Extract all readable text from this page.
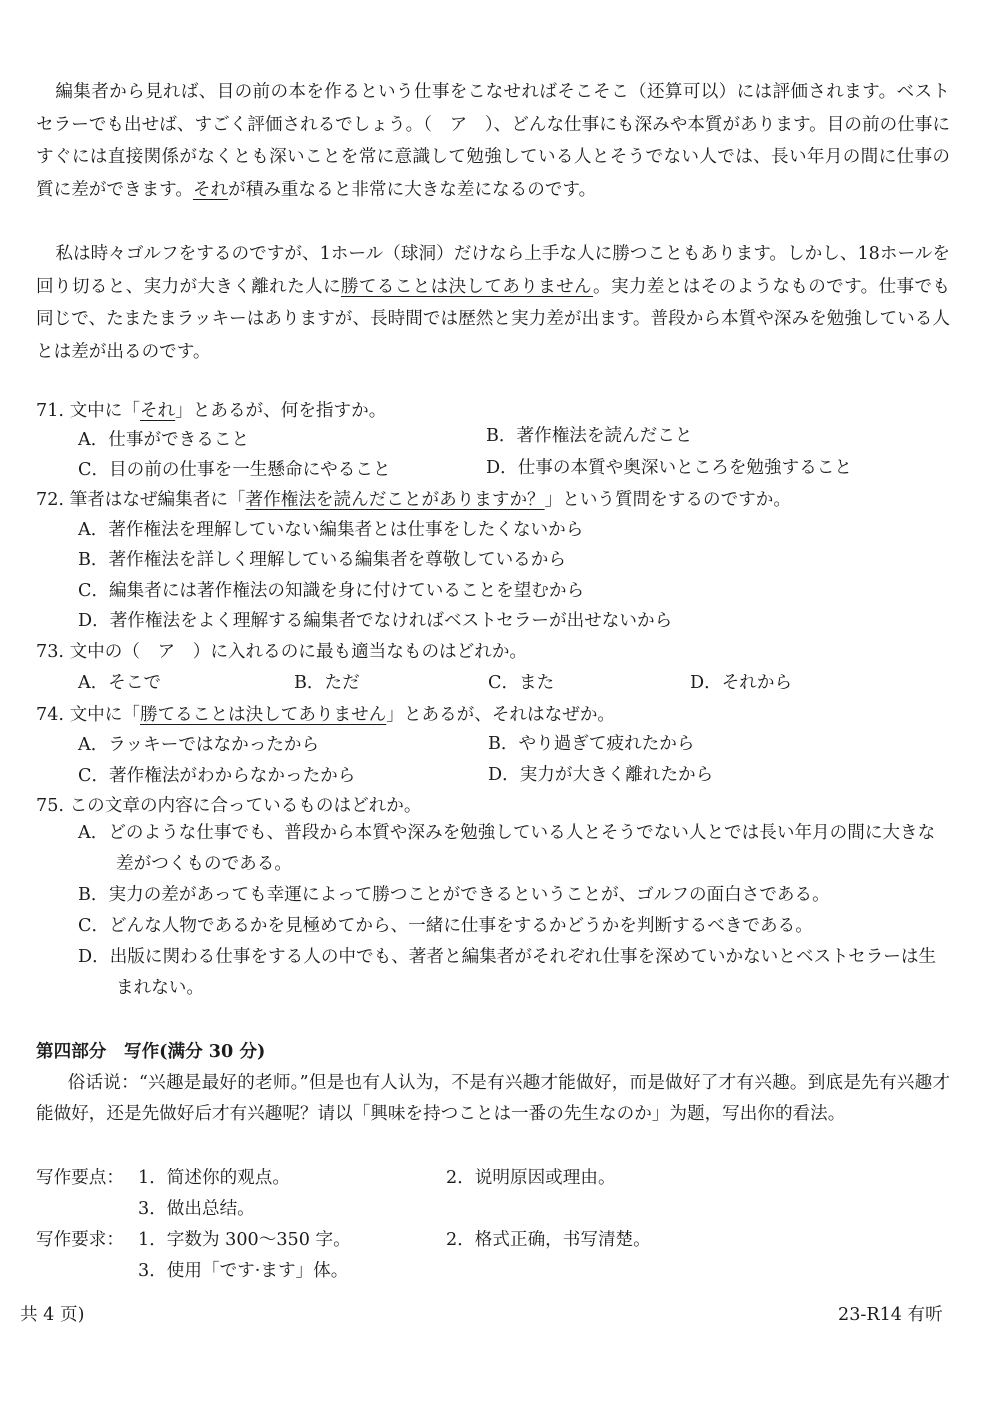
編集者から見れば、目の前の本を作るという仕事をこなせればそこそこ（还算可以）には評価されます。ベストセラーでも出せば、すごく評価されるでしょう。（　ア　）、どんな仕事にも深みや本質があります。目の前の仕事にすぐには直接関係がなくとも深いことを常に意識して勉強している人とそうでない人では、長い年月の間に仕事の質に差ができます。それが積み重なると非常に大きな差になるのです。

私は時々ゴルフをするのですが、1ホール（球洞）だけなら上手な人に勝つこともあります。しかし、18ホールを回り切ると、実力が大きく離れた人に勝てることは決してありません。実力差とはそのようなものです。仕事でも同じで、たまたまラッキーはありますが、長時間では歴然と実力差が出ます。普段から本質や深みを勉強している人とは差が出るのです。

71. 文中に「それ」とあるが、何を指すか。
A．仕事ができること	B．著作権法を読んだこと
C．目の前の仕事を一生懸命にやること	D．仕事の本質や奥深いところを勉強すること
72. 筆者はなぜ編集者に「著作権法を読んだことがありますか？」という質問をするのですか。
A．著作権法を理解していない編集者とは仕事をしたくないから
B．著作権法を詳しく理解している編集者を尊敬しているから
C．編集者には著作権法の知識を身に付けていることを望むから
D．著作権法をよく理解する編集者でなければベストセラーが出せないから
73. 文中の（　ア　）に入れるのに最も適当なものはどれか。
A．そこで	B．ただ	C．また	D．それから
74. 文中に「勝てることは決してありません」とあるが、それはなぜか。
A．ラッキーではなかったから	B．やり過ぎて疲れたから
C．著作権法がわからなかったから	D．実力が大きく離れたから
75. この文章の内容に合っているものはどれか。
A．どのような仕事でも、普段から本質や深みを勉強している人とそうでない人とでは長い年月の間に大きな差がつくものである。
B．実力の差があっても幸運によって勝つことができるということが、ゴルフの面白さである。
C．どんな人物であるかを見極めてから、一緒に仕事をするかどうかを判断するべきである。
D．出版に関わる仕事をする人の中でも、著者と編集者がそれぞれ仕事を深めていかないとベストセラーは生まれない。
第四部分　写作(满分 30 分)

俗话说：“兴趣是最好的老师。”但是也有人认为，不是有兴趣才能做好，而是做好了才有兴趣。到底是先有兴趣才能做好，还是先做好后才有兴趣呢？请以「興味を持つことは一番の先生なのか」为题，写出你的看法。

写作要点： 1．简述你的观点。	2．说明原因或理由。
3．做出总结。
写作要求： 1．字数为 300～350 字。	2．格式正确，书写清楚。
3．使用「です·ます」体。
共 4 页)	23-R14 有听
